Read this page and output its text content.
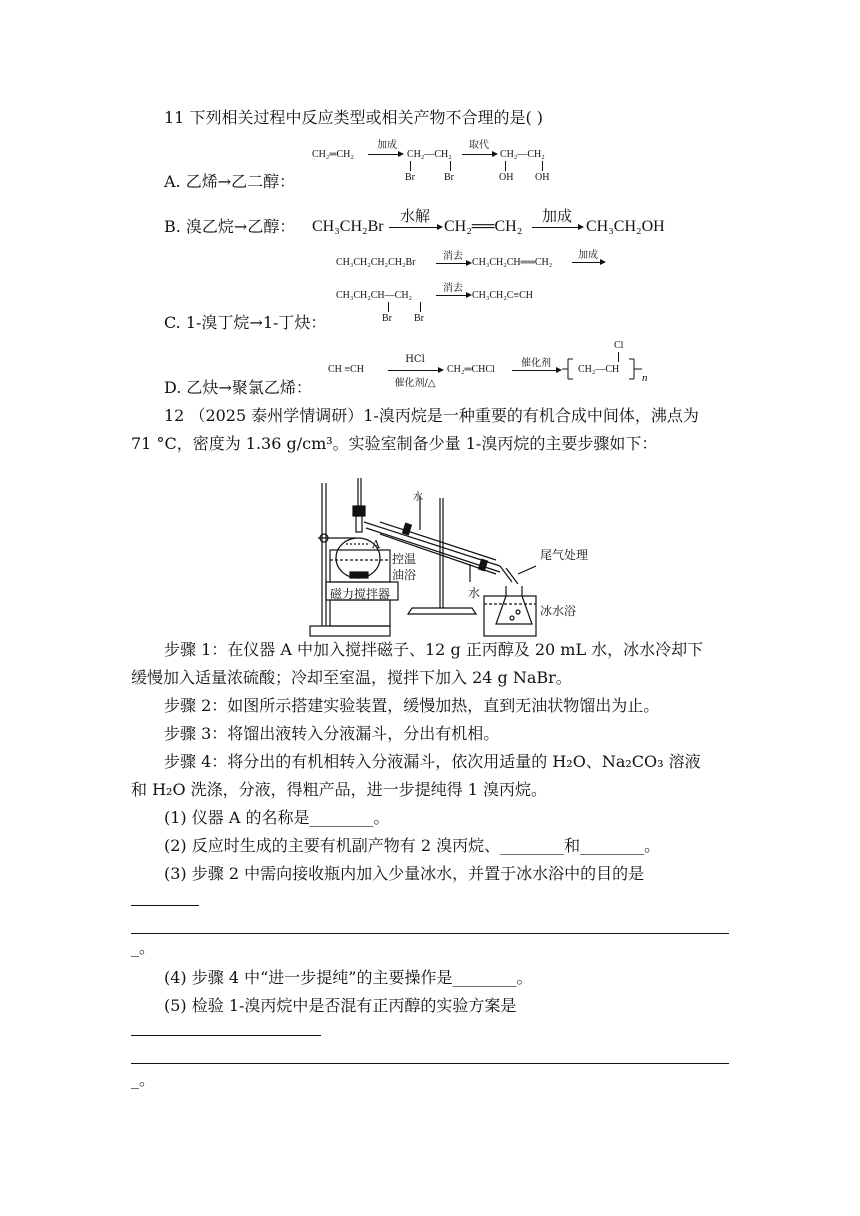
11 下列相关过程中反应类型或相关产物不合理的是( )
CH₂═CH₂
加成
CH₂—CH₂
Br	Br
取代
CH₂—CH₂
OH OH
A. 乙烯→乙二醇：
B. 溴乙烷→乙醇： CH₃CH₂Br
水解
CH₂══CH₂
加成
CH₃CH₂OH
CH₃CH₂CH₂CH₂Br
消去
CH₃CH₂CH══CH₂
加成
CH₃CH₂CH—CH₂
Br Br
消去
CH₃CH₂C≡CH
C. 1-溴丁烷→1-丁炔：
CH ≡CH
HCl
催化剂/△
CH₂═CHCl
催化剂
CH₂—CH
Cl
n
D. 乙炔→聚氯乙烯：
12 （2025 泰州学情调研）1-溴丙烷是一种重要的有机合成中间体，沸点为
71 °C，密度为 1.36 g/cm³。实验室制备少量 1-溴丙烷的主要步骤如下：
水
A
控温
油浴
磁力搅拌器	水
尾气处理
冰水浴
步骤 1：在仪器 A 中加入搅拌磁子、12 g 正丙醇及 20 mL 水，冰水冷却下
缓慢加入适量浓硫酸；冷却至室温，搅拌下加入 24 g NaBr。
步骤 2：如图所示搭建实验装置，缓慢加热，直到无油状物馏出为止。
步骤 3：将馏出液转入分液漏斗，分出有机相。
步骤 4：将分出的有机相转入分液漏斗，依次用适量的 H₂O、Na₂CO₃ 溶液
和 H₂O 洗涤，分液，得粗产品，进一步提纯得 1 溴丙烷。
(1) 仪器 A 的名称是________。
(2) 反应时生成的主要有机副产物有 2 溴丙烷、________和________。
(3) 步骤 2 中需向接收瓶内加入少量冰水，并置于冰水浴中的目的是
_。
(4) 步骤 4 中“进一步提纯”的主要操作是________。
(5) 检验 1-溴丙烷中是否混有正丙醇的实验方案是
_。
